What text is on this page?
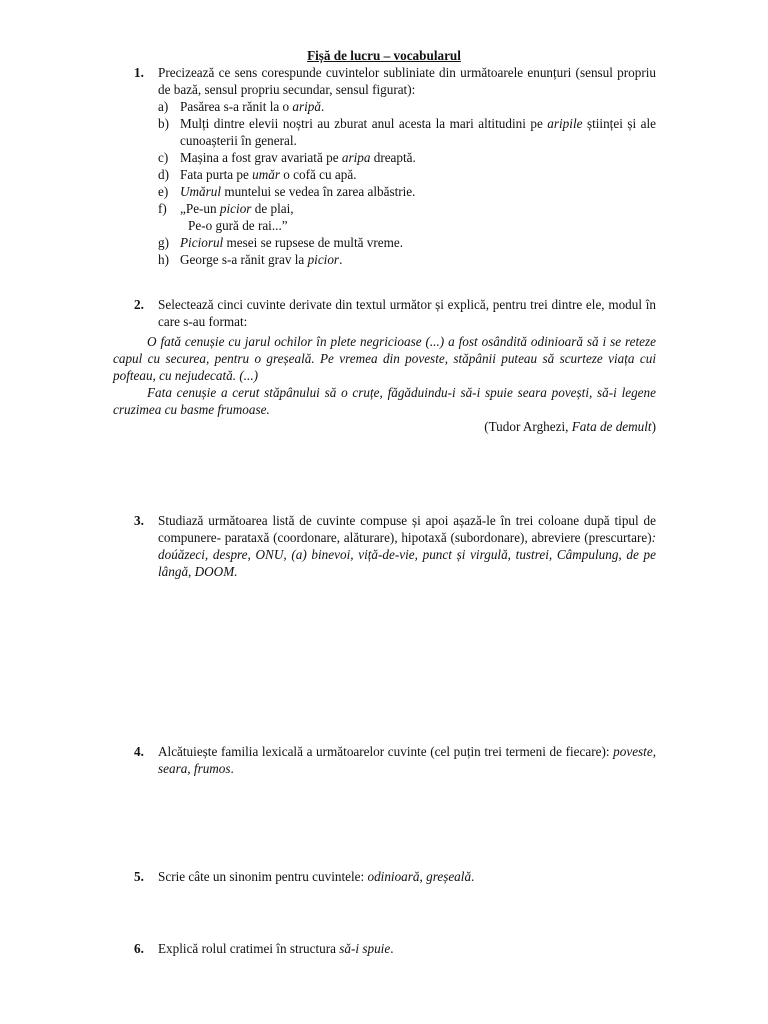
Fișă de lucru – vocabularul
1. Precizează ce sens corespunde cuvintelor subliniate din următoarele enunțuri (sensul propriu de bază, sensul propriu secundar, sensul figurat):
a) Pasărea s-a rănit la o aripă.
b) Mulți dintre elevii noștri au zburat anul acesta la mari altitudini pe aripile științei și ale cunoașterii în general.
c) Mașina a fost grav avariată pe aripa dreaptă.
d) Fata purta pe umăr o cofă cu apă.
e) Umărul muntelui se vedea în zarea albăstrie.
f) „Pe-un picior de plai,
Pe-o gură de rai...”
g) Piciorul mesei se rupsese de multă vreme.
h) George s-a rănit grav la picior.
2. Selectează cinci cuvinte derivate din textul următor și explică, pentru trei dintre ele, modul în care s-au format:
O fată cenușie cu jarul ochilor în plete negricioase (...) a fost osândită odinioară să i se reteze capul cu securea, pentru o greșeală. Pe vremea din poveste, stăpânii puteau să scurteze viața cui pofteau, cu nejudecată. (...)
Fata cenușie a cerut stăpânului să o cruțe, făgăduindu-i să-i spuie seara povești, să-i legene cruzimea cu basme frumoase.
(Tudor Arghezi, Fata de demult)
3. Studiază următoarea listă de cuvinte compuse și apoi așază-le în trei coloane după tipul de compunere- parataxă (coordonare, alăturare), hipotaxă (subordonare), abreviere (prescurtare): doúăzeci, despre, ONU, (a) binevoi, viță-de-vie, punct și virgulă, tustrei, Câmpulung, de pe lângă, DOOM.
4. Alcătuiește familia lexicală a următoarelor cuvinte (cel puțin trei termeni de fiecare): poveste, seara, frumos.
5. Scrie câte un sinonim pentru cuvintele: odinioară, greșeală.
6. Explică rolul cratimei în structura să-i spuie.
